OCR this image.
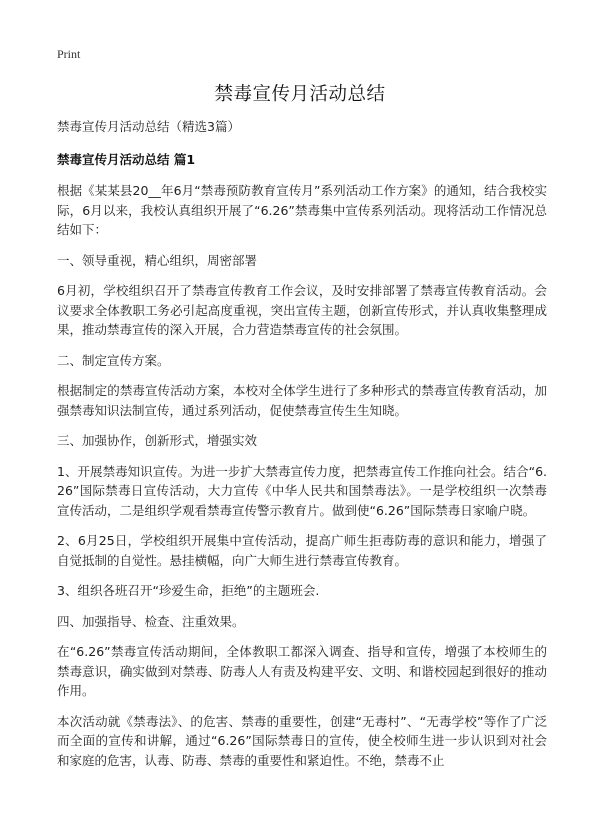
Print
禁毒宣传月活动总结

禁毒宣传月活动总结（精选3篇）

禁毒宣传月活动总结 篇1

根据《某某县20__年6月“禁毒预防教育宣传月”系列活动工作方案》的通知，结合我校实际，6月以来，我校认真组织开展了“6.26”禁毒集中宣传系列活动。现将活动工作情况总结如下：

一、领导重视，精心组织，周密部署

6月初，学校组织召开了禁毒宣传教育工作会议，及时安排部署了禁毒宣传教育活动。会议要求全体教职工务必引起高度重视，突出宣传主题，创新宣传形式，并认真收集整理成果，推动禁毒宣传的深入开展，合力营造禁毒宣传的社会氛围。

二、制定宣传方案。

根据制定的禁毒宣传活动方案，本校对全体学生进行了多种形式的禁毒宣传教育活动，加强禁毒知识法制宣传，通过系列活动，促使禁毒宣传生生知晓。

三、加强协作，创新形式，增强实效

1、开展禁毒知识宣传。为进一步扩大禁毒宣传力度，把禁毒宣传工作推向社会。结合“6.26”国际禁毒日宣传活动，大力宣传《中华人民共和国禁毒法》。一是学校组织一次禁毒宣传活动，二是组织学观看禁毒宣传警示教育片。做到使“6.26”国际禁毒日家喻户晓。

2、6月25日，学校组织开展集中宣传活动，提高广师生拒毒防毒的意识和能力，增强了自觉抵制的自觉性。悬挂横幅，向广大师生进行禁毒宣传教育。

3、组织各班召开“珍爱生命，拒绝”的主题班会.

四、加强指导、检查、注重效果。

在“6.26”禁毒宣传活动期间，全体教职工都深入调查、指导和宣传，增强了本校师生的禁毒意识，确实做到对禁毒、防毒人人有责及构建平安、文明、和谐校园起到很好的推动作用。

本次活动就《禁毒法》、的危害、禁毒的重要性，创建“无毒村”、“无毒学校”等作了广泛而全面的宣传和讲解，通过“6.26”国际禁毒日的宣传，使全校师生进一步认识到对社会和家庭的危害，认毒、防毒、禁毒的重要性和紧迫性。不绝，禁毒不止
